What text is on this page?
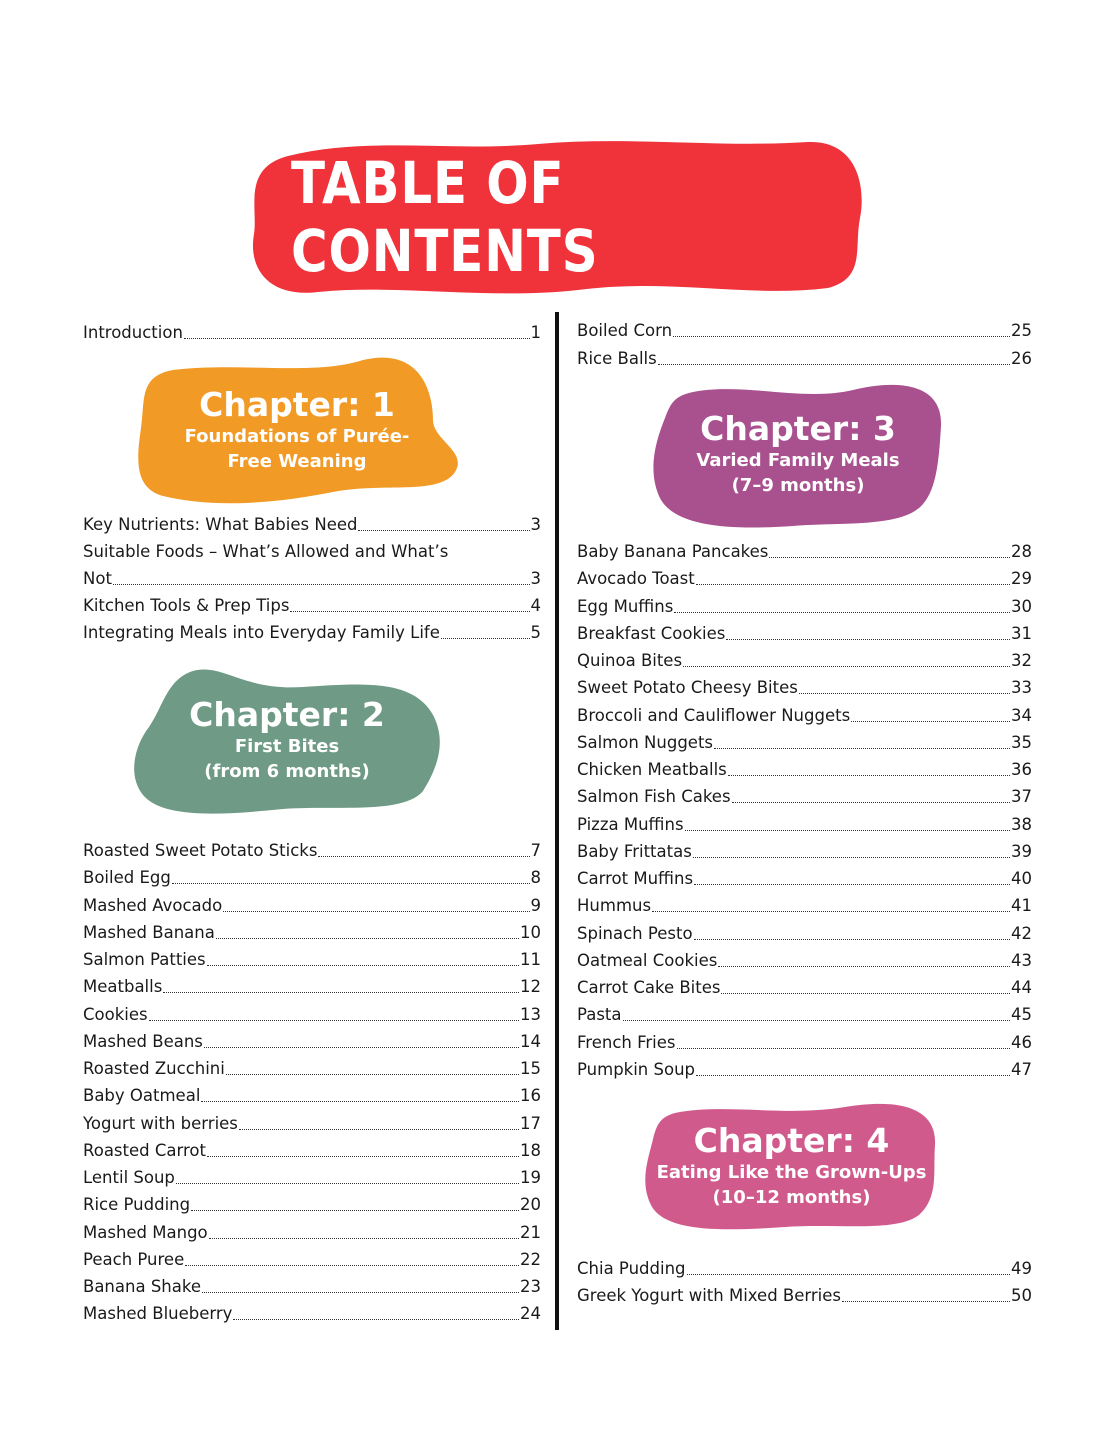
TABLE OF CONTENTS
Introduction	1
Chapter: 1
Foundations of Purée-
Free Weaning
Key Nutrients: What Babies Need	3
Suitable Foods – What’s Allowed and What’s
Not	3
Kitchen Tools & Prep Tips	4
Integrating Meals into Everyday Family Life	5
Chapter: 2
First Bites
(from 6 months)
Roasted Sweet Potato Sticks	7
Boiled Egg	8
Mashed Avocado	9
Mashed Banana	10
Salmon Patties	11
Meatballs	12
Cookies	13
Mashed Beans	14
Roasted Zucchini	15
Baby Oatmeal	16
Yogurt with berries	17
Roasted Carrot	18
Lentil Soup	19
Rice Pudding	20
Mashed Mango	21
Peach Puree	22
Banana Shake	23
Mashed Blueberry	24
Boiled Corn	25
Rice Balls	26
Chapter: 3
Varied Family Meals
(7–9 months)
Baby Banana Pancakes	28
Avocado Toast	29
Egg Muffins	30
Breakfast Cookies	31
Quinoa Bites	32
Sweet Potato Cheesy Bites	33
Broccoli and Cauliflower Nuggets	34
Salmon Nuggets	35
Chicken Meatballs	36
Salmon Fish Cakes	37
Pizza Muffins	38
Baby Frittatas	39
Carrot Muffins	40
Hummus	41
Spinach Pesto	42
Oatmeal Cookies	43
Carrot Cake Bites	44
Pasta	45
French Fries	46
Pumpkin Soup	47
Chapter: 4
Eating Like the Grown-Ups
(10–12 months)
Chia Pudding	49
Greek Yogurt with Mixed Berries	50
